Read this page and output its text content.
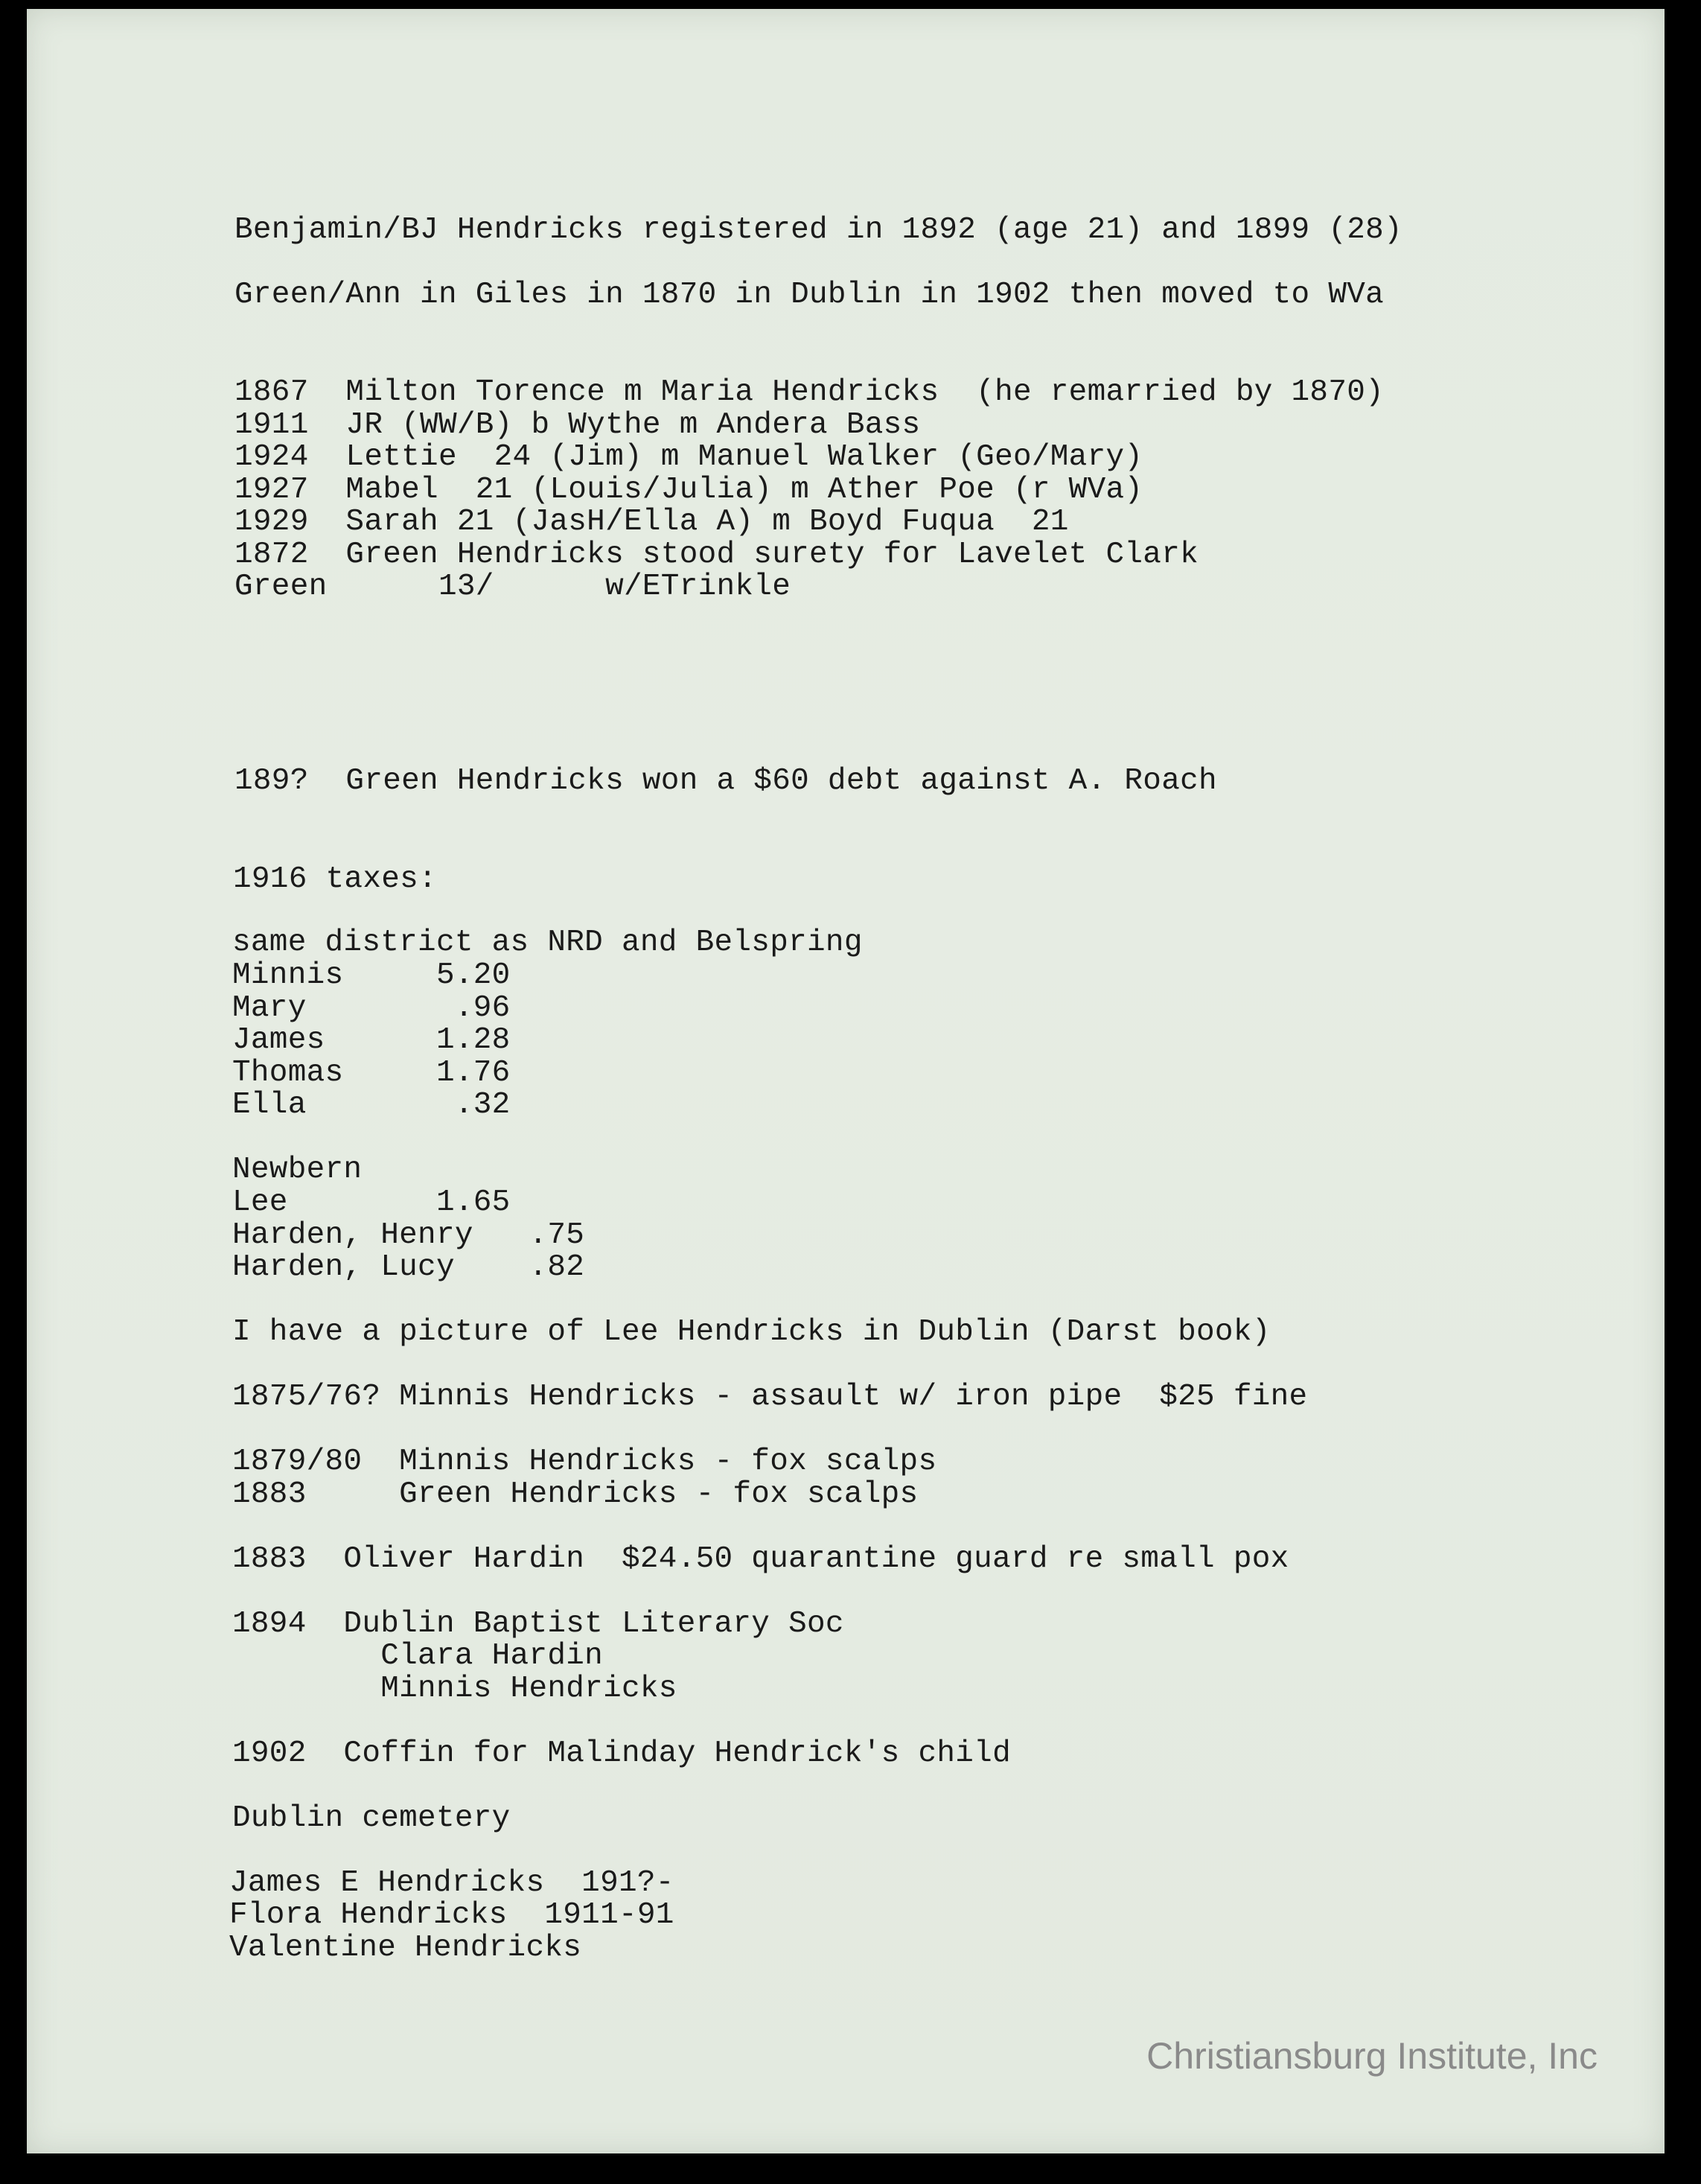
Benjamin/BJ Hendricks registered in 1892 (age 21) and 1899 (28)
Green/Ann in Giles in 1870 in Dublin in 1902 then moved to WVa
1867  Milton Torence m Maria Hendricks  (he remarried by 1870)
1911  JR (WW/B) b Wythe m Andera Bass
1924  Lettie  24 (Jim) m Manuel Walker (Geo/Mary)
1927  Mabel  21 (Louis/Julia) m Ather Poe (r WVa)
1929  Sarah 21 (JasH/Ella A) m Boyd Fuqua  21
1872  Green Hendricks stood surety for Lavelet Clark
Green      13/      w/ETrinkle
189?  Green Hendricks won a $60 debt against A. Roach
1916 taxes:
same district as NRD and Belspring
Minnis     5.20
Mary        .96
James      1.28
Thomas     1.76
Ella        .32
Newbern
Lee        1.65
Harden, Henry   .75
Harden, Lucy    .82
I have a picture of Lee Hendricks in Dublin (Darst book)
1875/76? Minnis Hendricks - assault w/ iron pipe  $25 fine
1879/80  Minnis Hendricks - fox scalps
1883     Green Hendricks - fox scalps
1883  Oliver Hardin  $24.50 quarantine guard re small pox
1894  Dublin Baptist Literary Soc
Clara Hardin
Minnis Hendricks
1902  Coffin for Malinday Hendrick's child
Dublin cemetery
James E Hendricks  191?-
Flora Hendricks  1911-91
Valentine Hendricks
Christiansburg Institute, Inc
